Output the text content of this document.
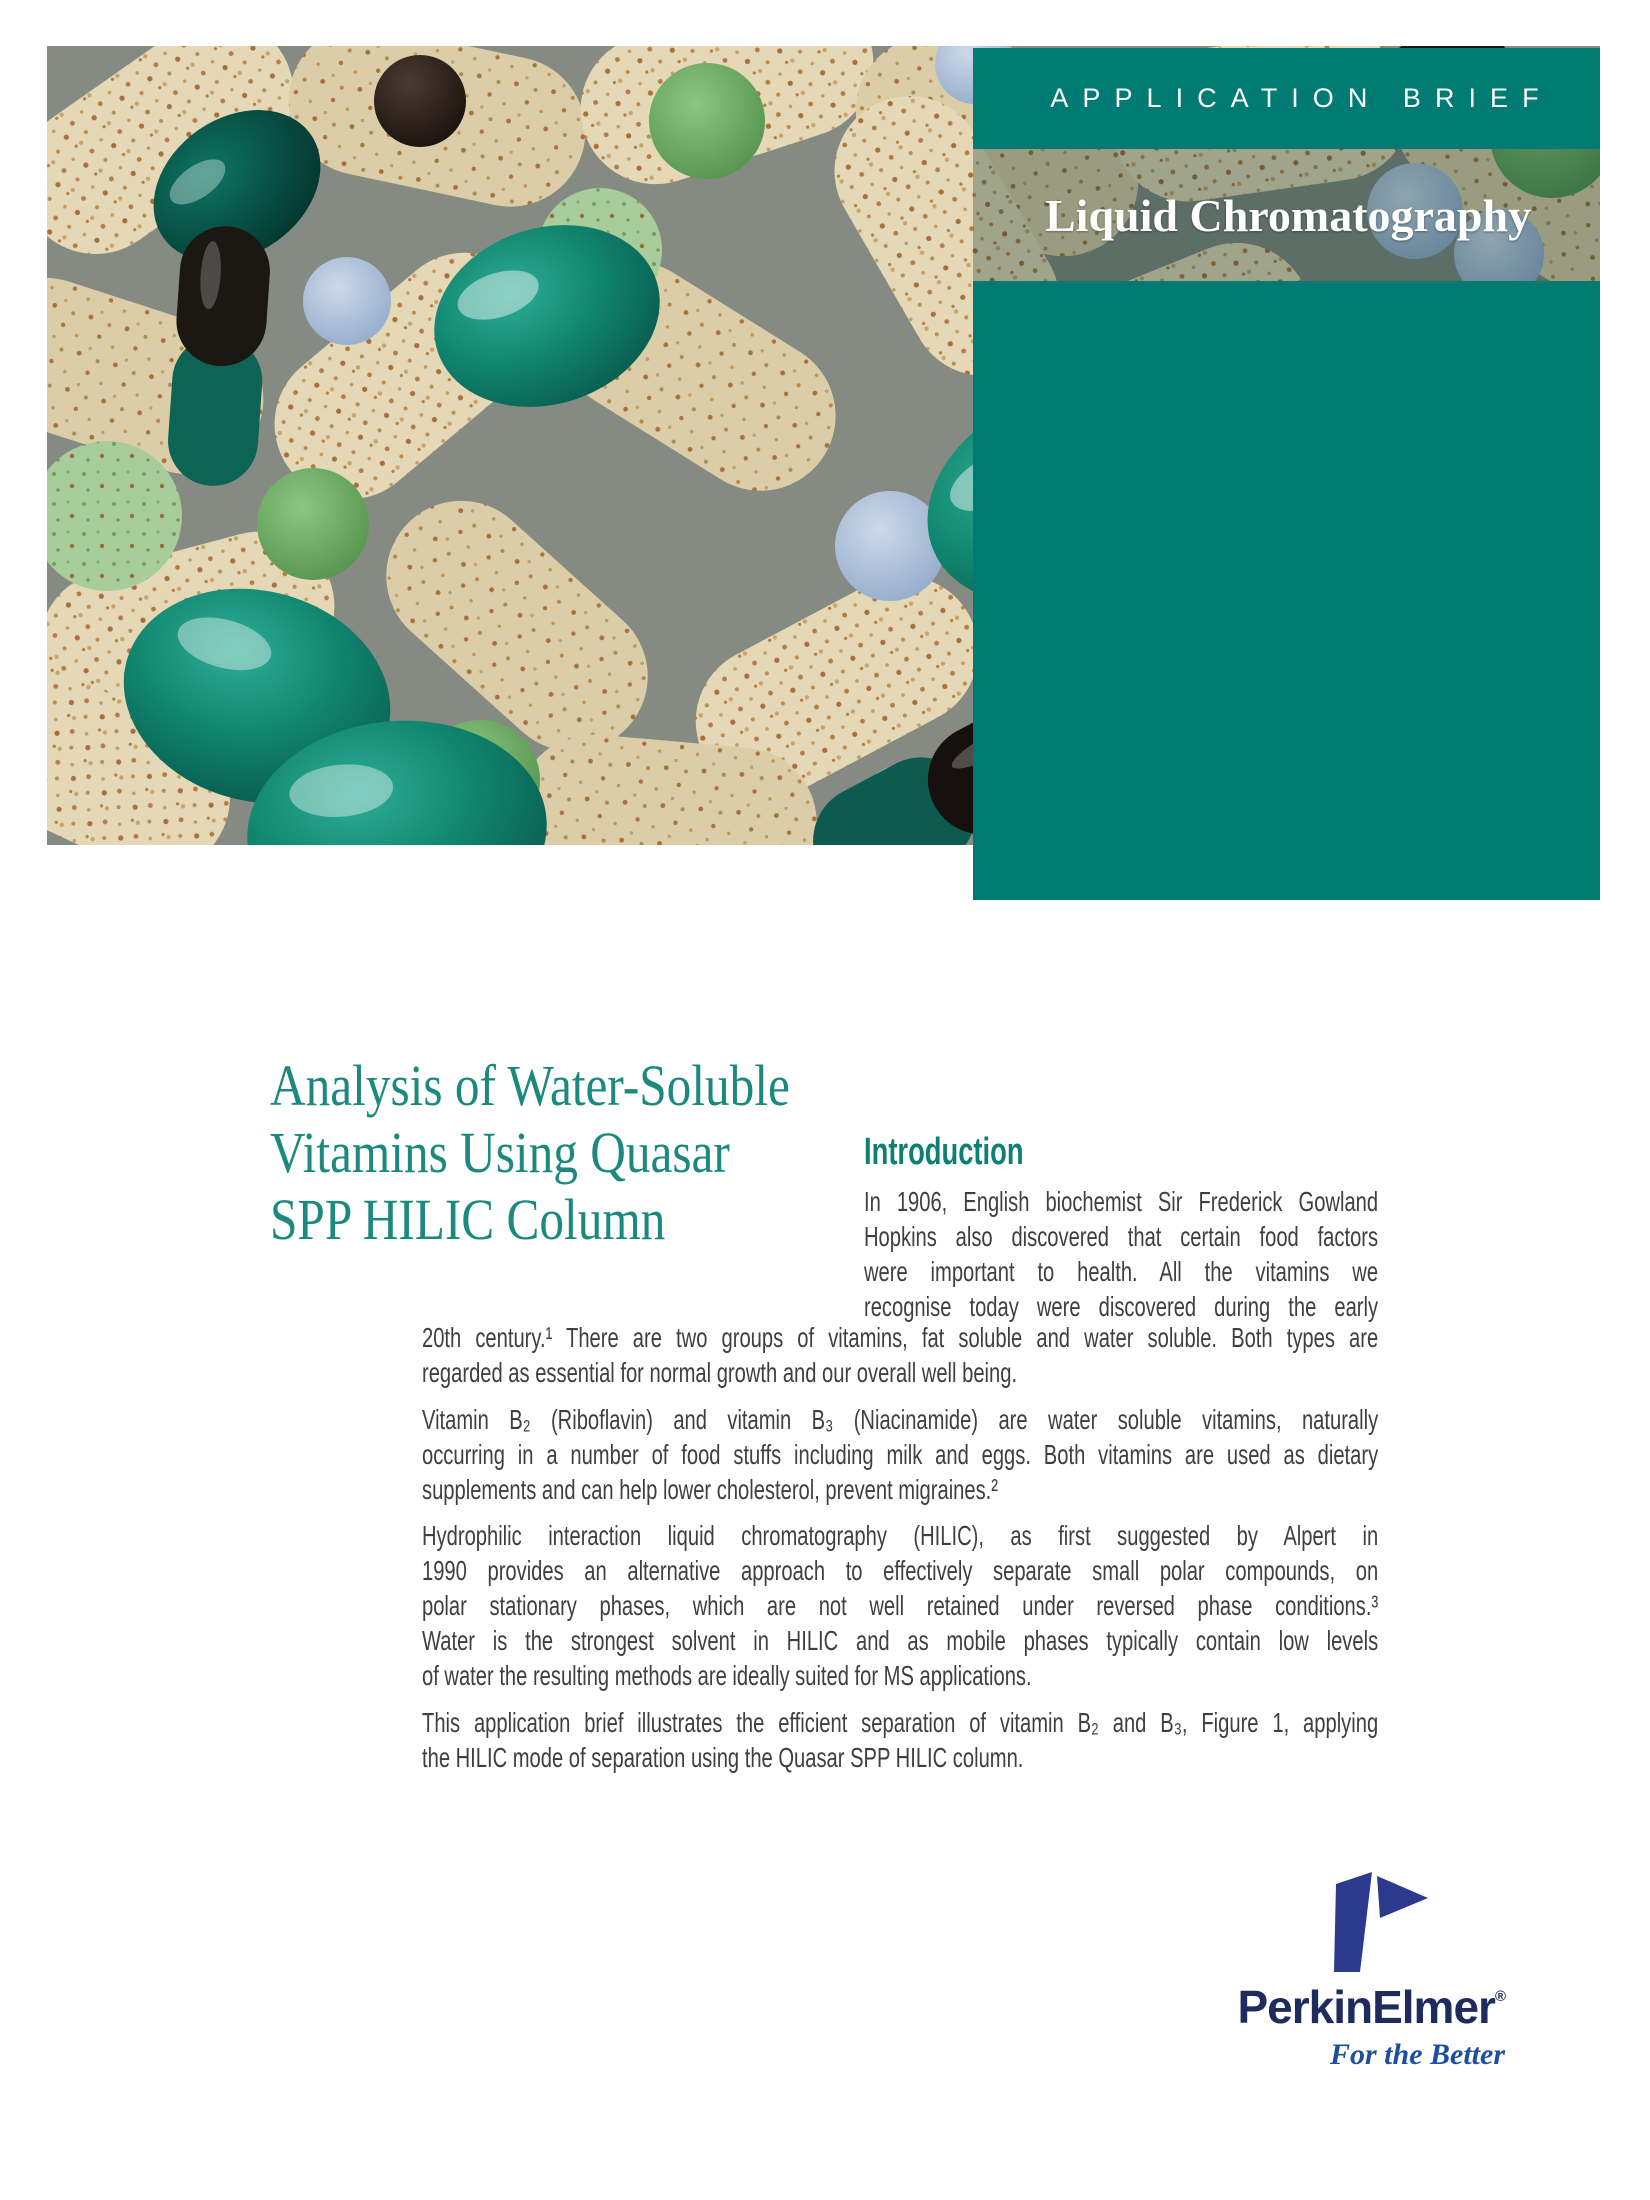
APPLICATION BRIEF
Liquid Chromatography
Analysis of Water-Soluble
Vitamins Using Quasar
SPP HILIC Column
Introduction
In 1906, English biochemist Sir Frederick Gowland
Hopkins also discovered that certain food factors
were important to health. All the vitamins we
recognise today were discovered during the early
20th century.¹ There are two groups of vitamins, fat soluble and water soluble. Both types are
regarded as essential for normal growth and our overall well being.
Vitamin B₂ (Riboflavin) and vitamin B₃ (Niacinamide) are water soluble vitamins, naturally
occurring in a number of food stuffs including milk and eggs. Both vitamins are used as dietary
supplements and can help lower cholesterol, prevent migraines.²
Hydrophilic interaction liquid chromatography (HILIC), as first suggested by Alpert in
1990 provides an alternative approach to effectively separate small polar compounds, on
polar stationary phases, which are not well retained under reversed phase conditions.³
Water is the strongest solvent in HILIC and as mobile phases typically contain low levels
of water the resulting methods are ideally suited for MS applications.
This application brief illustrates the efficient separation of vitamin B₂ and B₃, Figure 1, applying
the HILIC mode of separation using the Quasar SPP HILIC column.
PerkinElmer®
For the Better
